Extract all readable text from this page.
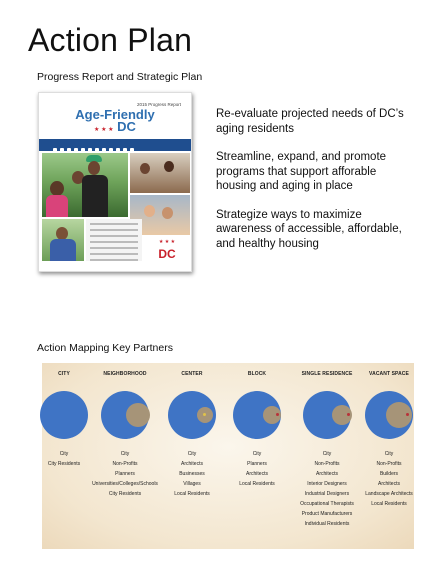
Action Plan
Progress Report and Strategic Plan
2015 Progress Report
Age-Friendly
★ ★ ★ DC
★ ★ ★
DC
Re-evaluate projected needs of DC’s aging residents
Streamline, expand, and promote programs that support afforable housing and aging in place
Strategize ways to maximize awareness of accessible, affordable, and healthy housing
Action Mapping Key Partners
CITY
City
City Residents
NEIGHBORHOOD
City
Non-Profits
Planners
Universities/Colleges/Schools
City Residents
CENTER
City
Architects
Businesses
Villages
Local Residents
BLOCK
City
Planners
Architects
Local Residents
SINGLE RESIDENCE
City
Non-Profits
Architects
Interior Designers
Industrial Designers
Occupational Therapists
Product Manufacturers
Individual Residents
VACANT SPACE
City
Non-Profits
Builders
Architects
Landscape Architects
Local Residents
